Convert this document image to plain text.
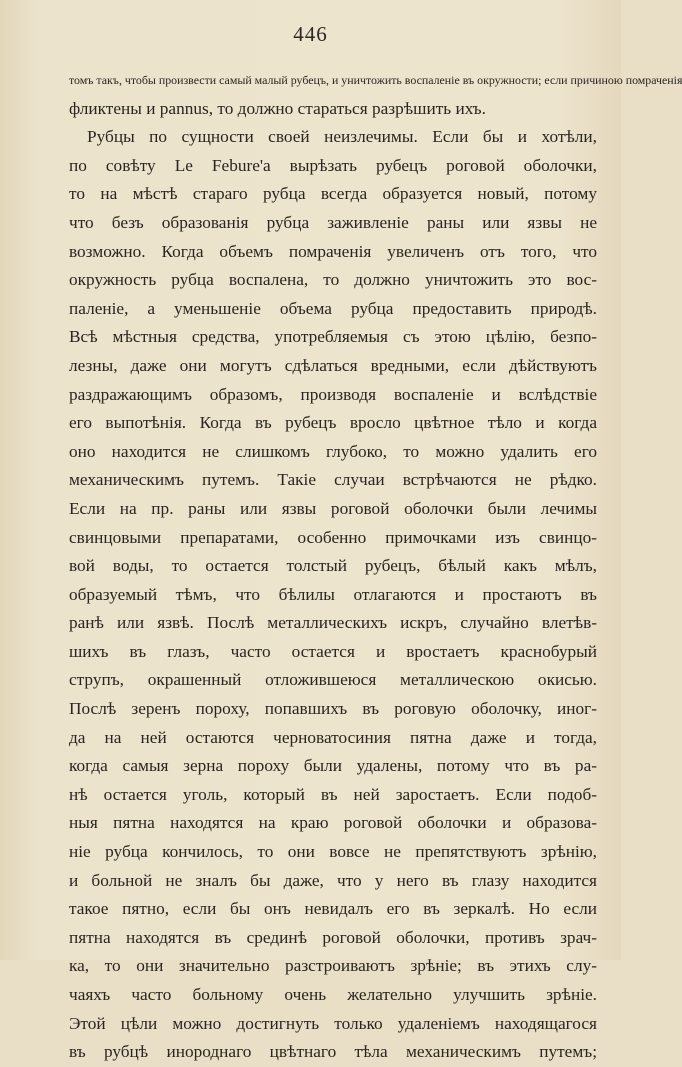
446
томъ такъ, чтобы произвести самый малый рубецъ, и уничтожить воспаленіе въ окружности; если причиною помраченія
фликтены и pannus, то должно стараться разрѣшить ихъ.
Рубцы по сущности своей неизлечимы. Если бы и хотѣли,
по совѣту Le Febure'a вырѣзать рубецъ роговой оболочки,
то на мѣстѣ стараго рубца всегда образуется новый, потому
что безъ образованія рубца заживленіе раны или язвы не
возможно. Когда объемъ помраченія увеличенъ отъ того, что
окружность рубца воспалена, то должно уничтожить это вос-
паленіе, а уменьшеніе объема рубца предоставить природѣ.
Всѣ мѣстныя средства, употребляемыя съ этою цѣлію, безпо-
лезны, даже они могутъ сдѣлаться вредными, если дѣйствуютъ
раздражающимъ образомъ, производя воспаленіе и вслѣдствіе
его выпотѣнія. Когда въ рубецъ вросло цвѣтное тѣло и когда
оно находится не слишкомъ глубоко, то можно удалить его
механическимъ путемъ. Такіе случаи встрѣчаются не рѣдко.
Если на пр. раны или язвы роговой оболочки были лечимы
свинцовыми препаратами, особенно примочками изъ свинцо-
вой воды, то остается толстый рубецъ, бѣлый какъ мѣлъ,
образуемый тѣмъ, что бѣлилы отлагаются и простаютъ въ
ранѣ или язвѣ. Послѣ металлическихъ искръ, случайно влетѣв-
шихъ въ глазъ, часто остается и вростаетъ краснобурый
струпъ, окрашенный отложившеюся металлическою окисью.
Послѣ зеренъ пороху, попавшихъ въ роговую оболочку, иног-
да на ней остаются черноватосиния пятна даже и тогда,
когда самыя зерна пороху были удалены, потому что въ ра-
нѣ остается уголь, который въ ней заростаетъ. Если подоб-
ныя пятна находятся на краю роговой оболочки и образова-
ніе рубца кончилось, то они вовсе не препятствуютъ зрѣнію,
и больной не зналъ бы даже, что у него въ глазу находится
такое пятно, если бы онъ невидалъ его въ зеркалѣ. Но если
пятна находятся въ срединѣ роговой оболочки, противъ зрач-
ка, то они значительно разстроиваютъ зрѣніе; въ этихъ слу-
чаяхъ часто больному очень желательно улучшить зрѣніе.
Этой цѣли можно достигнуть только удаленіемъ находящагося
въ рубцѣ инороднаго цвѣтнаго тѣла механическимъ путемъ;
